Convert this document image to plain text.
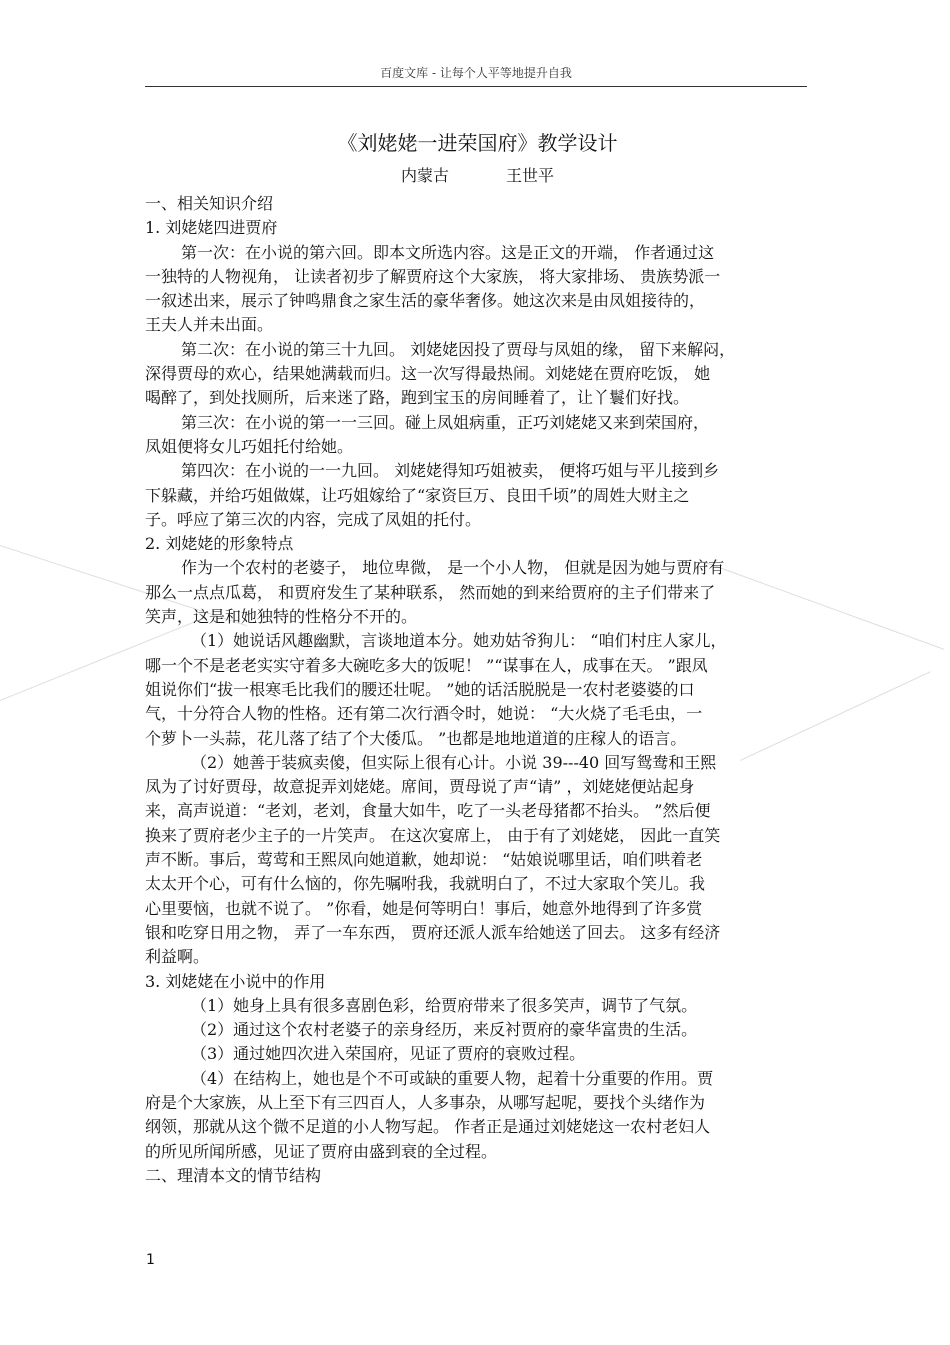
百度文库 - 让每个人平等地提升自我
《刘姥姥一进荣国府》教学设计
内蒙古	王世平

一、相关知识介绍

1. 刘姥姥四进贾府

第一次：在小说的第六回。即本文所选内容。这是正文的开端， 作者通过这

一独特的人物视角， 让读者初步了解贾府这个大家族， 将大家排场、 贵族势派一

一叙述出来，展示了钟鸣鼎食之家生活的豪华奢侈。她这次来是由凤姐接待的，

王夫人并未出面。

第二次：在小说的第三十九回。 刘姥姥因投了贾母与凤姐的缘， 留下来解闷，

深得贾母的欢心，结果她满载而归。这一次写得最热闹。刘姥姥在贾府吃饭， 她

喝醉了，到处找厕所，后来迷了路，跑到宝玉的房间睡着了，让丫鬟们好找。

第三次：在小说的第一一三回。碰上凤姐病重，正巧刘姥姥又来到荣国府，

凤姐便将女儿巧姐托付给她。

第四次：在小说的一一九回。 刘姥姥得知巧姐被卖， 便将巧姐与平儿接到乡

下躲藏，并给巧姐做媒，让巧姐嫁给了“家资巨万、良田千顷”的周姓大财主之

子。呼应了第三次的内容，完成了凤姐的托付。

2. 刘姥姥的形象特点

作为一个农村的老婆子， 地位卑微， 是一个小人物， 但就是因为她与贾府有

那么一点点瓜葛， 和贾府发生了某种联系， 然而她的到来给贾府的主子们带来了

笑声，这是和她独特的性格分不开的。

（1）她说话风趣幽默，言谈地道本分。她劝姑爷狗儿： “咱们村庄人家儿，

哪一个不是老老实实守着多大碗吃多大的饭呢！ ”“谋事在人，成事在天。 ”跟凤

姐说你们“拔一根寒毛比我们的腰还壮呢。 ”她的话活脱脱是一农村老婆婆的口

气，十分符合人物的性格。还有第二次行酒令时，她说： “大火烧了毛毛虫，一

个萝卜一头蒜，花儿落了结了个大倭瓜。 ”也都是地地道道的庄稼人的语言。

（2）她善于装疯卖傻，但实际上很有心计。小说 39---40 回写鸳鸯和王熙

凤为了讨好贾母，故意捉弄刘姥姥。席间，贾母说了声“请” ，刘姥姥便站起身

来，高声说道：“老刘，老刘，食量大如牛，吃了一头老母猪都不抬头。 ”然后便

换来了贾府老少主子的一片笑声。 在这次宴席上， 由于有了刘姥姥， 因此一直笑

声不断。事后，莺莺和王熙凤向她道歉，她却说： “姑娘说哪里话，咱们哄着老

太太开个心，可有什么恼的，你先嘱咐我，我就明白了，不过大家取个笑儿。我

心里要恼，也就不说了。 ”你看，她是何等明白！事后，她意外地得到了许多赏

银和吃穿日用之物， 弄了一车东西， 贾府还派人派车给她送了回去。 这多有经济

利益啊。

3. 刘姥姥在小说中的作用

（1）她身上具有很多喜剧色彩，给贾府带来了很多笑声，调节了气氛。

（2）通过这个农村老婆子的亲身经历，来反衬贾府的豪华富贵的生活。

（3）通过她四次进入荣国府，见证了贾府的衰败过程。

（4）在结构上，她也是个不可或缺的重要人物，起着十分重要的作用。贾

府是个大家族，从上至下有三四百人，人多事杂，从哪写起呢，要找个头绪作为

纲领，那就从这个微不足道的小人物写起。 作者正是通过刘姥姥这一农村老妇人

的所见所闻所感，见证了贾府由盛到衰的全过程。

二、理清本文的情节结构

1
